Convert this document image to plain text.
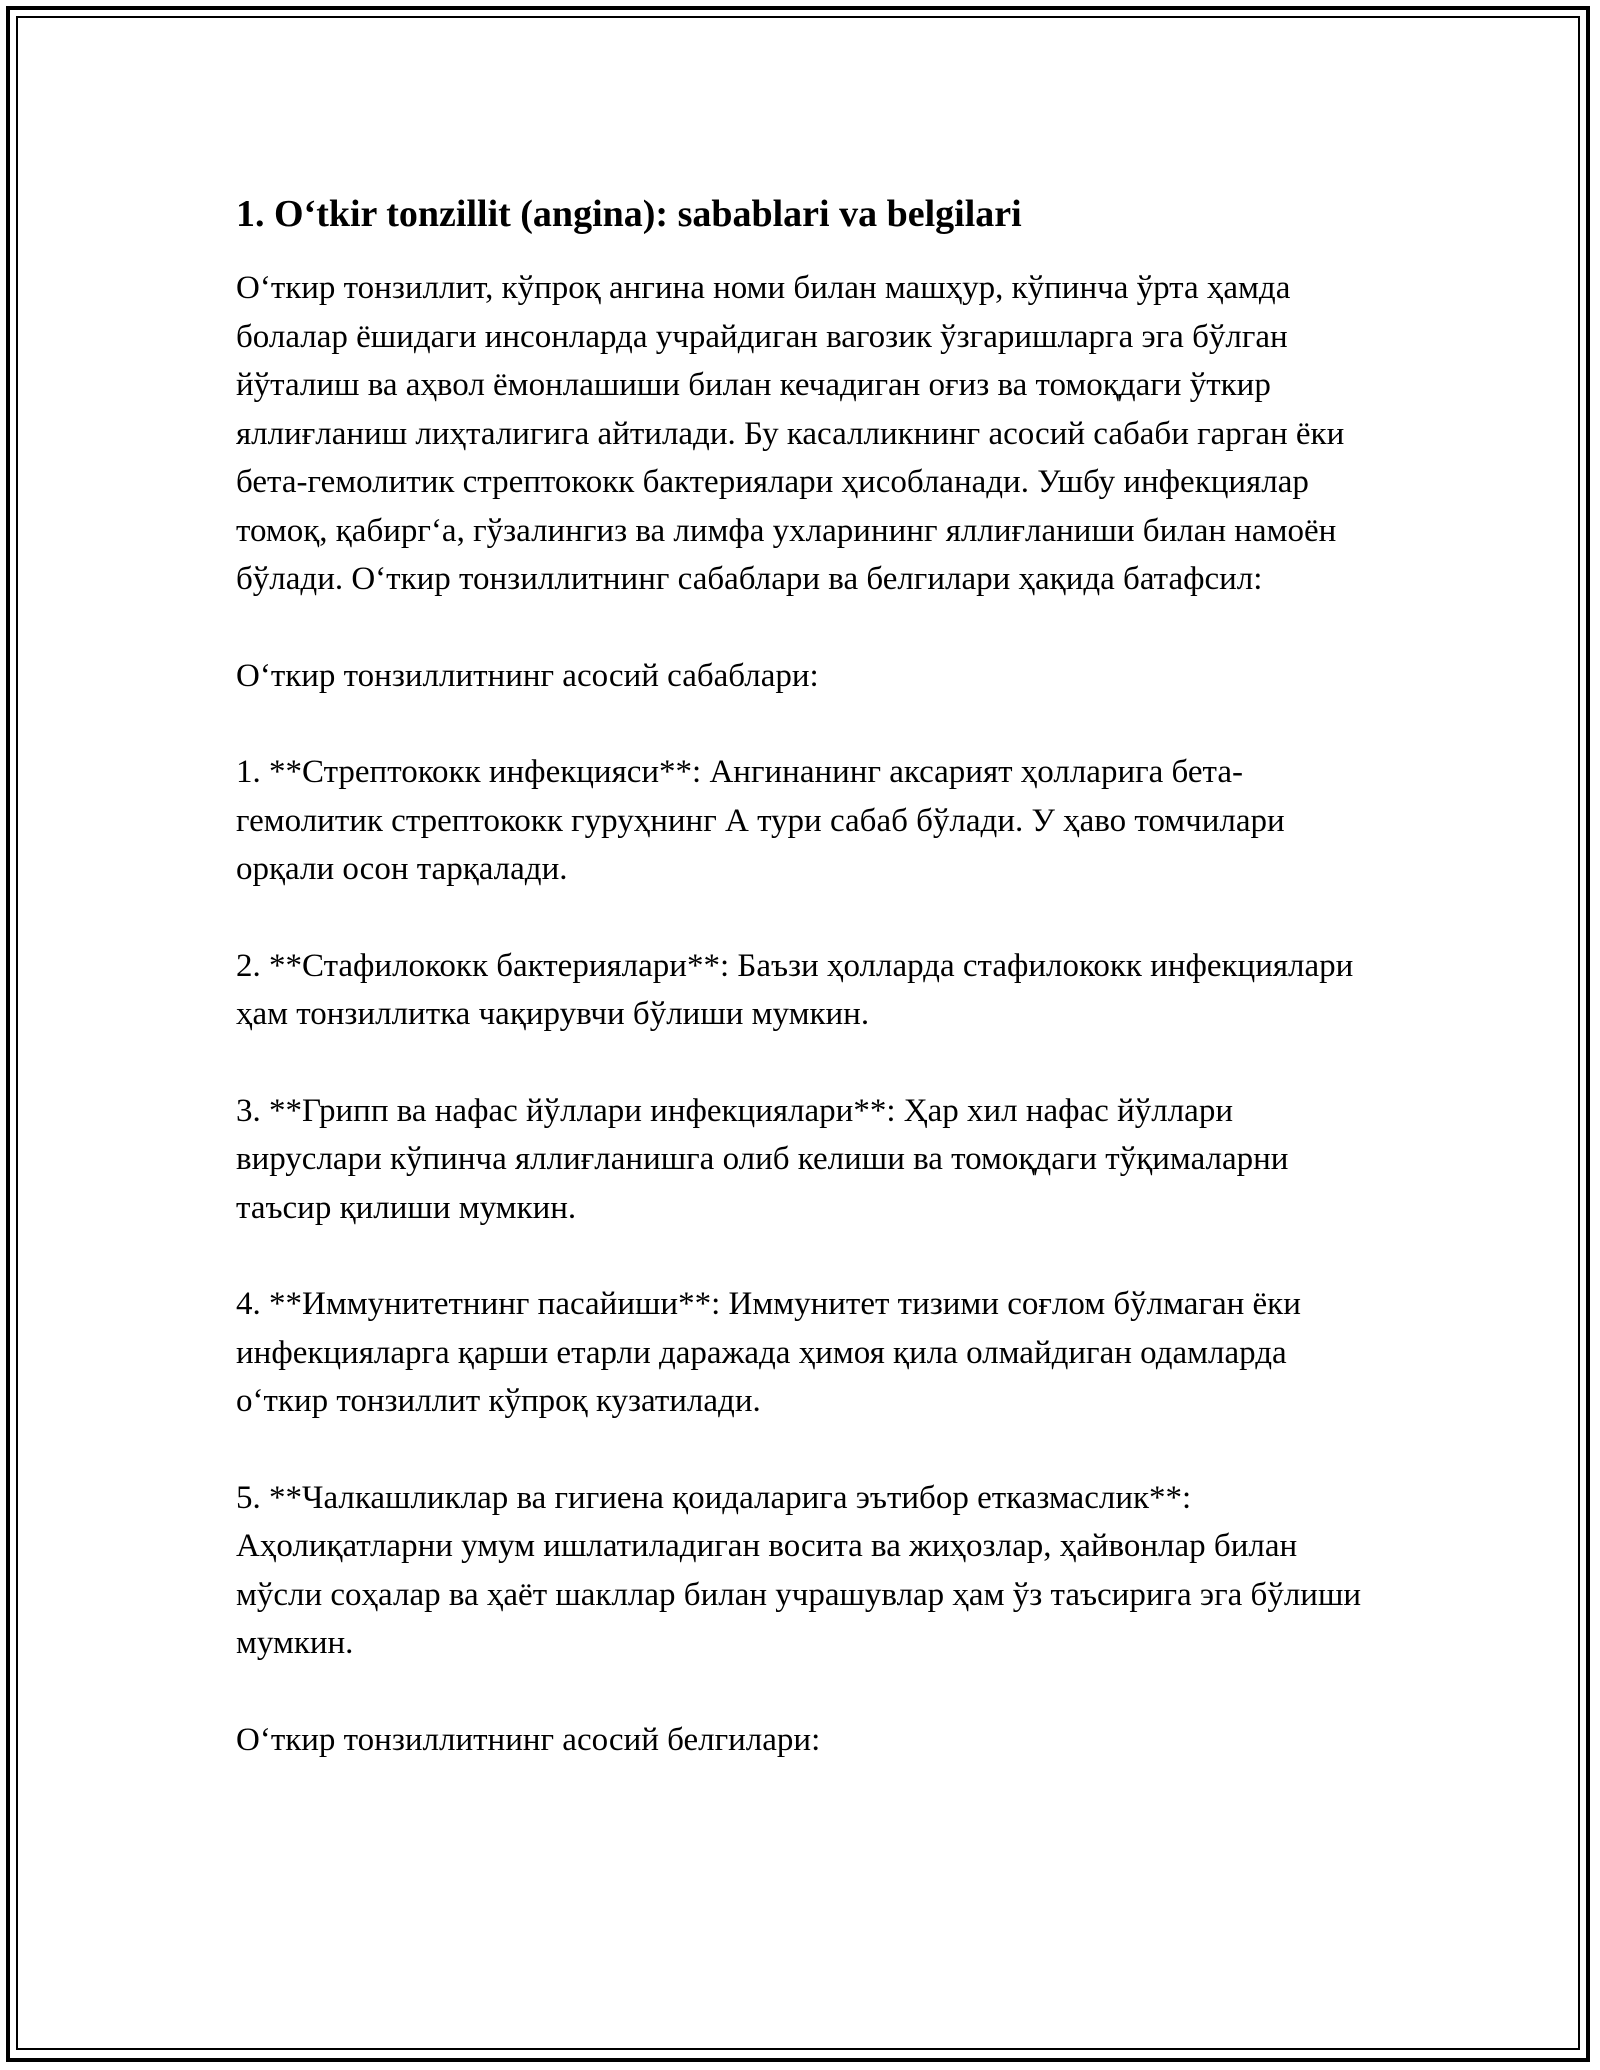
1. Oʻtkir tonzillit (angina): sabablari va belgilari

Оʻткир тонзиллит, кўпроқ ангина номи билан машҳур, кўпинча ўрта ҳамда болалар ёшидаги инсонларда учрайдиган вагозик ўзгаришларга эга бўлган йўталиш ва аҳвол ёмонлашиши билан кечадиган оғиз ва томоқдаги ўткир яллиғланиш лиҳталигига айтилади. Бу касалликнинг асосий сабаби гарган ёки бета-гемолитик стрептококк бактериялари ҳисобланади. Ушбу инфекциялар томоқ, қабиргʻа, гўзалингиз ва лимфа ухларининг яллиғланиши билан намоён бўлади. Оʻткир тонзиллитнинг сабаблари ва белгилари ҳақида батафсил:

Оʻткир тонзиллитнинг асосий сабаблари:

1. **Стрептококк инфекцияси**: Ангинанинг аксарият ҳолларига бета-гемолитик стрептококк гуруҳнинг А тури сабаб бўлади. У ҳаво томчилари орқали осон тарқалади.

2. **Стафилококк бактериялари**: Баъзи ҳолларда стафилококк инфекциялари ҳам тонзиллитка чақирувчи бўлиши мумкин.

3. **Грипп ва нафас йўллари инфекциялари**: Ҳар хил нафас йўллари вируслари кўпинча яллиғланишга олиб келиши ва томоқдаги тўқималарни таъсир қилиши мумкин.

4. **Иммунитетнинг пасайиши**: Иммунитет тизими соғлом бўлмаган ёки инфекцияларга қарши етарли даражада ҳимоя қила олмайдиган одамларда оʻткир тонзиллит кўпроқ кузатилади.

5. **Чалкашликлар ва гигиена қоидаларига эътибор етказмаслик**: Аҳолиқатларни умум ишлатиладиган восита ва жиҳозлар, ҳайвонлар билан мўсли соҳалар ва ҳаёт шакллар билан учрашувлар ҳам ўз таъсирига эга бўлиши мумкин.

Оʻткир тонзиллитнинг асосий белгилари:
